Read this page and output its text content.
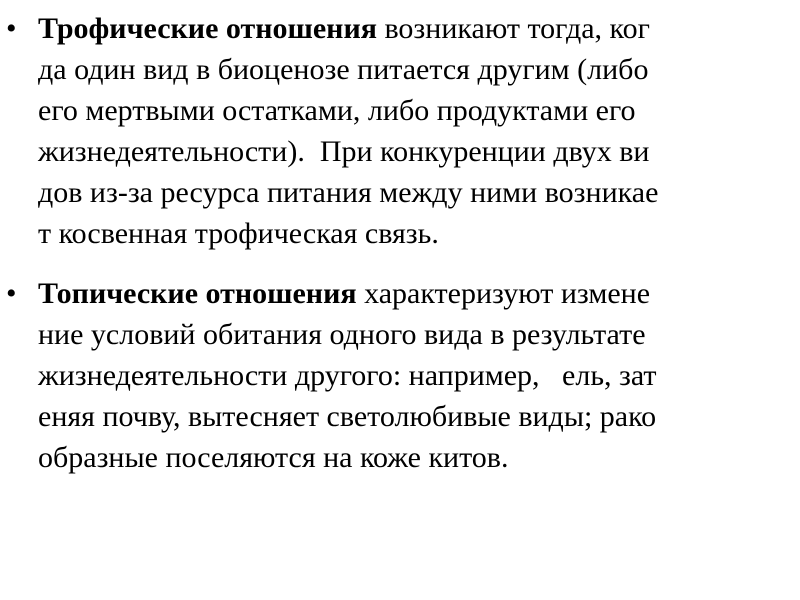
• Трофические отношения возникают тогда, ког
да один вид в биоценозе питается другим (либо
его мертвыми остатками, либо продуктами его
жизнедеятельности).  При конкуренции двух ви
дов из-за ресурса питания между ними возникае
т косвенная трофическая связь.
• Топические отношения характеризуют измене
ние условий обитания одного вида в результате
жизнедеятельности другого: например,   ель, зат
еняя почву, вытесняет светолюбивые виды; рако
образные поселяются на коже китов.
